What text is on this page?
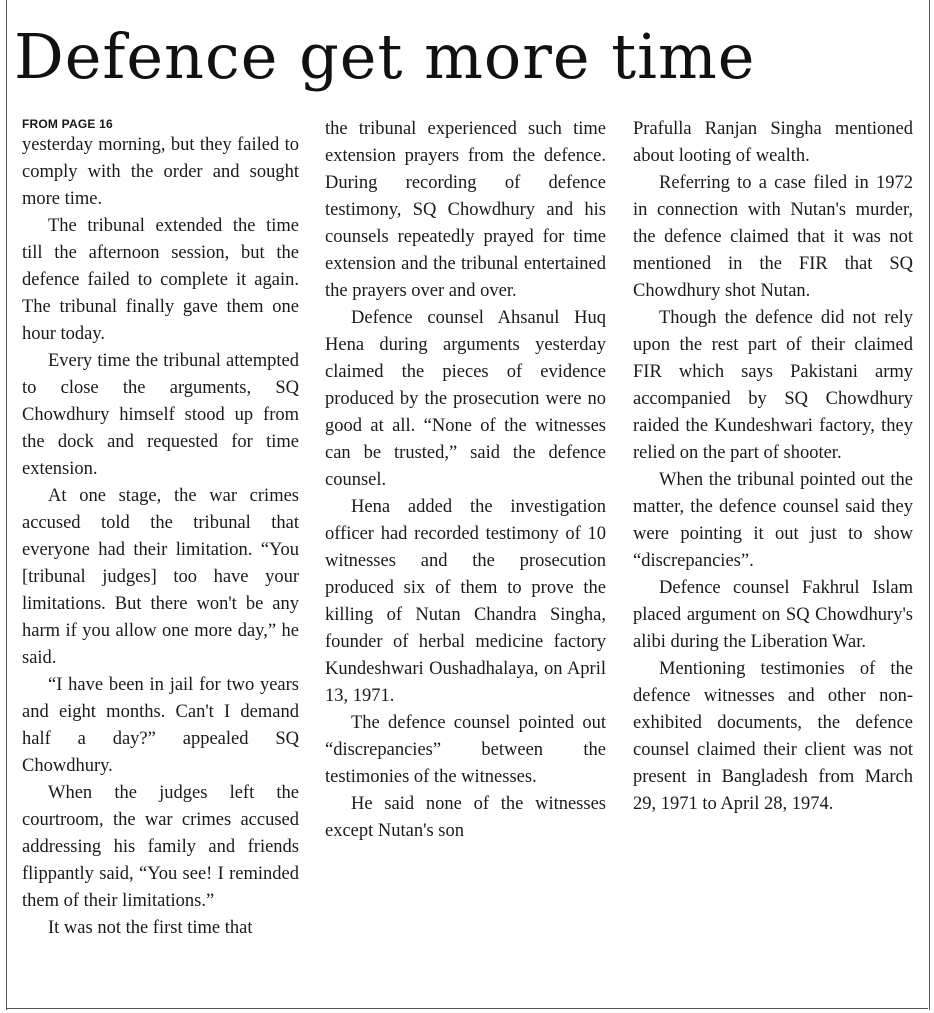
Defence get more time
FROM PAGE 16

yesterday morning, but they failed to comply with the order and sought more time.

The tribunal extended the time till the afternoon session, but the defence failed to complete it again. The tribunal finally gave them one hour today.

Every time the tribunal attempted to close the arguments, SQ Chowdhury himself stood up from the dock and requested for time extension.

At one stage, the war crimes accused told the tribunal that everyone had their limitation. “You [tribunal judges] too have your limitations. But there won't be any harm if you allow one more day,” he said.

“I have been in jail for two years and eight months. Can't I demand half a day?” appealed SQ Chowdhury.

When the judges left the courtroom, the war crimes accused addressing his family and friends flippantly said, “You see! I reminded them of their limitations.”

It was not the first time that

the tribunal experienced such time extension prayers from the defence. During recording of defence testimony, SQ Chowdhury and his counsels repeatedly prayed for time extension and the tribunal entertained the prayers over and over.

Defence counsel Ahsanul Huq Hena during arguments yesterday claimed the pieces of evidence produced by the prosecution were no good at all. “None of the witnesses can be trusted,” said the defence counsel.

Hena added the investigation officer had recorded testimony of 10 witnesses and the prosecution produced six of them to prove the killing of Nutan Chandra Singha, founder of herbal medicine factory Kundeshwari Oushadhalaya, on April 13, 1971.

The defence counsel pointed out “discrepancies” between the testimonies of the witnesses.

He said none of the witnesses except Nutan's son

Prafulla Ranjan Singha mentioned about looting of wealth.

Referring to a case filed in 1972 in connection with Nutan's murder, the defence claimed that it was not mentioned in the FIR that SQ Chowdhury shot Nutan.

Though the defence did not rely upon the rest part of their claimed FIR which says Pakistani army accompanied by SQ Chowdhury raided the Kundeshwari factory, they relied on the part of shooter.

When the tribunal pointed out the matter, the defence counsel said they were pointing it out just to show “discrepancies”.

Defence counsel Fakhrul Islam placed argument on SQ Chowdhury's alibi during the Liberation War.

Mentioning testimonies of the defence witnesses and other non-exhibited documents, the defence counsel claimed their client was not present in Bangladesh from March 29, 1971 to April 28, 1974.
